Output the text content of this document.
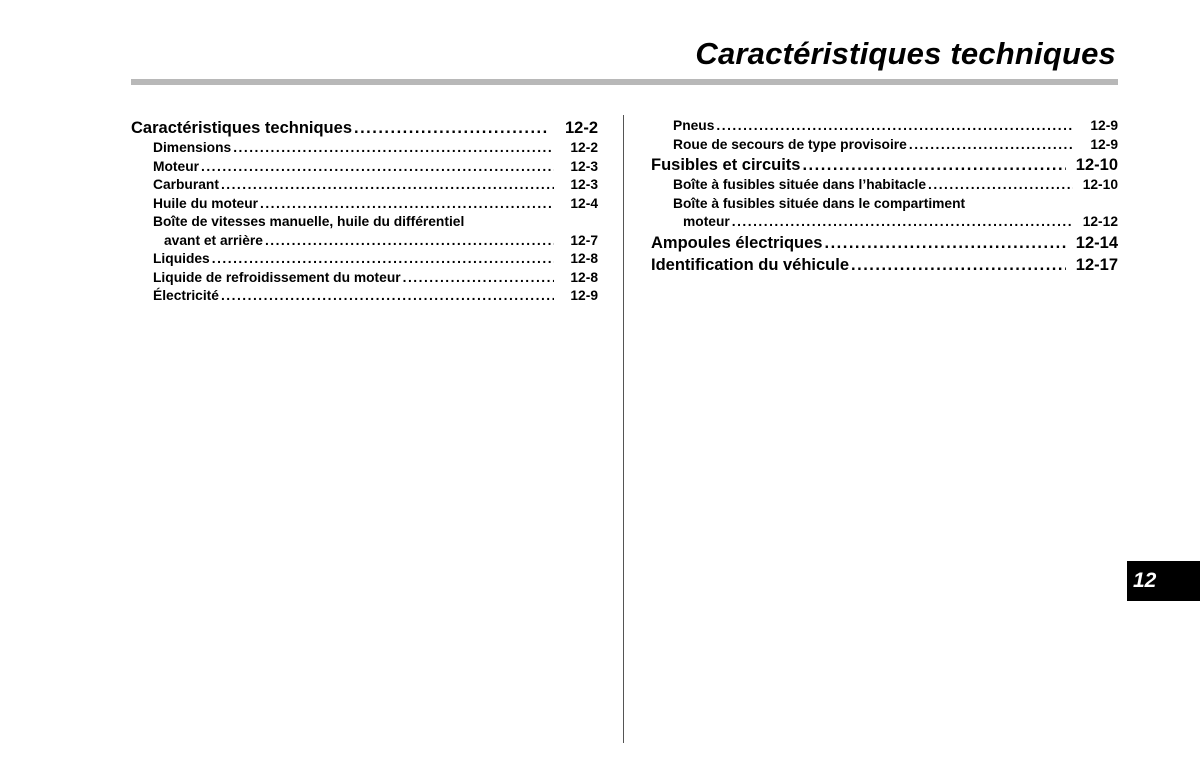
Caractéristiques techniques
Caractéristiques techniques .....	12-2
Dimensions .....	12-2
Moteur .....	12-3
Carburant .....	12-3
Huile du moteur .....	12-4
Boîte de vitesses manuelle, huile du différentiel
avant et arrière .....	12-7
Liquides .....	12-8
Liquide de refroidissement du moteur .....	12-8
Électricité .....	12-9
Pneus .....	12-9
Roue de secours de type provisoire .....	12-9
Fusibles et circuits .....	12-10
Boîte à fusibles située dans l’habitacle .....	12-10
Boîte à fusibles située dans le compartiment
moteur .....	12-12
Ampoules électriques .....	12-14
Identification du véhicule .....	12-17
12
